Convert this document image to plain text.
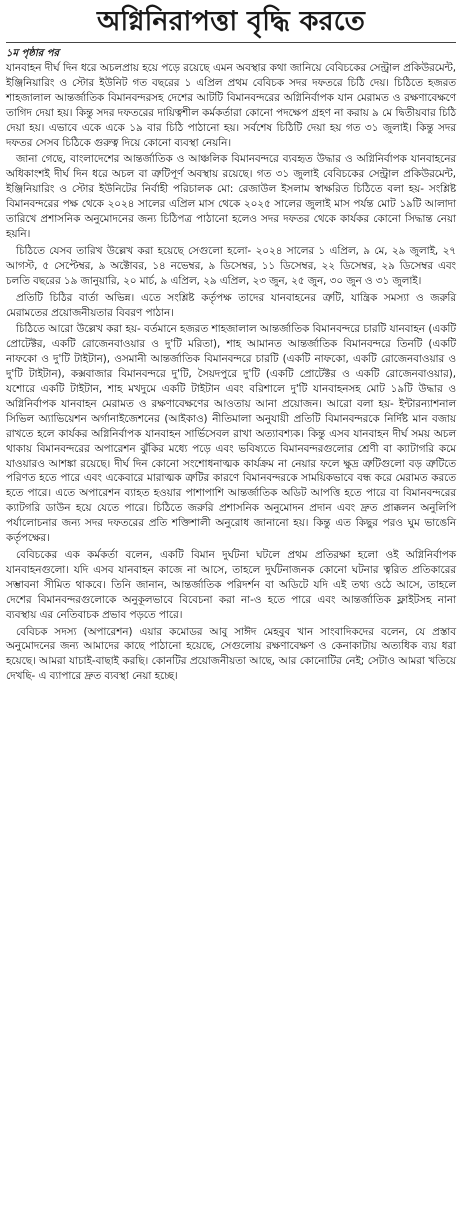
অগ্নিনিরাপত্তা বৃদ্ধি করতে
১ম পৃষ্ঠার পর

যানবাহন দীর্ঘ দিন ধরে অচলপ্রায় হয়ে পড়ে রয়েছে এমন অবস্থার কথা জানিয়ে বেবিচকের সেন্ট্রাল প্রকিউরমেন্ট, ইঞ্জিনিয়ারিং ও স্টোর ইউনিট গত বছরের ১ এপ্রিল প্রথম বেবিচক সদর দফতরে চিঠি দেয়। চিঠিতে হজরত শাহজালাল আন্তর্জাতিক বিমানবন্দরসহ দেশের আটটি বিমানবন্দরের অগ্নিনির্বাপক যান মেরামত ও রক্ষণাবেক্ষণে তাগিদ দেয়া হয়। কিন্তু সদর দফতরের দায়িত্বশীল কর্মকর্তারা কোনো পদক্ষেপ গ্রহণ না করায় ৯ মে দ্বিতীয়বার চিঠি দেয়া হয়। এভাবে একে একে ১৯ বার চিঠি পাঠানো হয়। সর্বশেষ চিঠিটি দেয়া হয় গত ৩১ জুলাই। কিন্তু সদর দফতর সেসব চিঠিকে গুরুত্ব দিয়ে কোনো ব্যবস্থা নেয়নি।

জানা গেছে, বাংলাদেশের আন্তর্জাতিক ও আঞ্চলিক বিমানবন্দরে ব্যবহৃত উদ্ধার ও অগ্নিনির্বাপক যানবাহনের অধিকাংশই দীর্ঘ দিন ধরে অচল বা ত্রুটিপূর্ণ অবস্থায় রয়েছে। গত ৩১ জুলাই বেবিচকের সেন্ট্রাল প্রকিউরমেন্ট, ইঞ্জিনিয়ারিং ও স্টোর ইউনিটের নির্বাহী পরিচালক মো: রেজাউল ইসলাম স্বাক্ষরিত চিঠিতে বলা হয়- সংশ্লিষ্ট বিমানবন্দরের পক্ষ থেকে ২০২৪ সালের এপ্রিল মাস থেকে ২০২৫ সালের জুলাই মাস পর্যন্ত মোট ১৯টি আলাদা তারিখে প্রশাসনিক অনুমোদনের জন্য চিঠিপত্র পাঠানো হলেও সদর দফতর থেকে কার্যকর কোনো সিদ্ধান্ত নেয়া হয়নি।

চিঠিতে যেসব তারিখ উল্লেখ করা হয়েছে সেগুলো হলো- ২০২৪ সালের ১ এপ্রিল, ৯ মে, ২৯ জুলাই, ২৭ আগস্ট, ৫ সেপ্টেম্বর, ৯ অক্টোবর, ১৪ নভেম্বর, ৯ ডিসেম্বর, ১১ ডিসেম্বর, ২২ ডিসেম্বর, ২৯ ডিসেম্বর এবং চলতি বছরের ১৯ জানুয়ারি, ২০ মার্চ, ৯ এপ্রিল, ২৯ এপ্রিল, ২৩ জুন, ২৫ জুন, ৩০ জুন ও ৩১ জুলাই।

প্রতিটি চিঠির বার্তা অভিন্ন। এতে সংশ্লিষ্ট কর্তৃপক্ষ তাদের যানবাহনের ত্রুটি, যান্ত্রিক সমস্যা ও জরুরি মেরামতের প্রয়োজনীয়তার বিবরণ পাঠান।

চিঠিতে আরো উল্লেখ করা হয়- বর্তমানে হজরত শাহজালাল আন্তর্জাতিক বিমানবন্দরে চারটি যানবাহন (একটি প্রোটেক্টর, একটি রোজেনবাওয়ার ও দু'টি মরিতা), শাহ আমানত আন্তর্জাতিক বিমানবন্দরে তিনটি (একটি নাফকো ও দু'টি টাইটান), ওসমানী আন্তর্জাতিক বিমানবন্দরে চারটি (একটি নাফকো, একটি রোজেনবাওয়ার ও দু'টি টাইটান), কক্সবাজার বিমানবন্দরে দু'টি, সৈয়দপুরে দু'টি (একটি প্রোটেক্টর ও একটি রোজেনবাওয়ার), যশোরে একটি টাইটান, শাহ মখদুমে একটি টাইটান এবং বরিশালে দু'টি যানবাহনসহ মোট ১৯টি উদ্ধার ও অগ্নিনির্বাপক যানবাহন মেরামত ও রক্ষণাবেক্ষণের আওতায় আনা প্রয়োজন। আরো বলা হয়- ইন্টারন্যাশনাল সিভিল অ্যাভিয়েশন অর্গানাইজেশনের (আইকাও) নীতিমালা অনুযায়ী প্রতিটি বিমানবন্দরকে নির্দিষ্ট মান বজায় রাখতে হলে কার্যকর অগ্নিনির্বাপক যানবাহন সার্ভিসেবল রাখা অত্যাবশ্যক। কিন্তু এসব যানবাহন দীর্ঘ সময় অচল থাকায় বিমানবন্দরের অপারেশন ঝুঁকির মধ্যে পড়ে এবং ভবিষ্যতে বিমানবন্দরগুলোর শ্রেণী বা ক্যাটাগরি কমে যাওয়ারও আশঙ্কা রয়েছে। দীর্ঘ দিন কোনো সংশোধনাত্মক কার্যক্রম না নেয়ার ফলে ক্ষুদ্র ত্রুটিগুলো বড় ত্রুটিতে পরিণত হতে পারে এবং একেবারে মারাত্মক ত্রুটির কারণে বিমানবন্দরকে সাময়িকভাবে বন্ধ করে মেরামত করতে হতে পারে। এতে অপারেশন ব্যাহত হওয়ার পাশাপাশি আন্তর্জাতিক অডিট আপত্তি হতে পারে বা বিমানবন্দরের ক্যাটগরি ডাউন হয়ে যেতে পারে। চিঠিতে জরুরি প্রশাসনিক অনুমোদন প্রদান এবং দ্রুত প্রাক্কলন অনুলিপি পর্যালোচনার জন্য সদর দফতরের প্রতি শক্তিশালী অনুরোধ জানানো হয়। কিন্তু এত কিছুর পরও ঘুম ভাঙেনি কর্তৃপক্ষের।

বেবিচকের এক কর্মকর্তা বলেন, একটি বিমান দুর্ঘটনা ঘটলে প্রথম প্রতিরক্ষা হলো ওই অগ্নিনির্বাপক যানবাহনগুলো। যদি এসব যানবাহন কাজে না আসে, তাহলে দুর্ঘটনাজনক কোনো ঘটনার ত্বরিত প্রতিকারের সম্ভাবনা সীমিত থাকবে। তিনি জানান, আন্তর্জাতিক পরিদর্শন বা অডিটে যদি এই তথ্য ওঠে আসে, তাহলে দেশের বিমানবন্দরগুলোকে অনুকূলভাবে বিবেচনা করা না-ও হতে পারে এবং আন্তর্জাতিক ফ্লাইটসহ নানা ব্যবস্থায় এর নেতিবাচক প্রভাব পড়তে পারে।

বেবিচক সদস্য (অপারেশন) এয়ার কমোডর আবু সাঈদ মেহবুব খান সাংবাদিকদের বলেন, যে প্রস্তাব অনুমোদনের জন্য আমাদের কাছে পাঠানো হয়েছে, সেগুলোয় রক্ষণাবেক্ষণ ও কেনাকাটায় অত্যধিক ব্যয় ধরা হয়েছে। আমরা যাচাই-বাছাই করছি। কোনটির প্রয়োজনীয়তা আছে, আর কোনোটির নেই; সেটাও আমরা খতিয়ে দেখছি- এ ব্যাপারে দ্রুত ব্যবস্থা নেয়া হচ্ছে।
